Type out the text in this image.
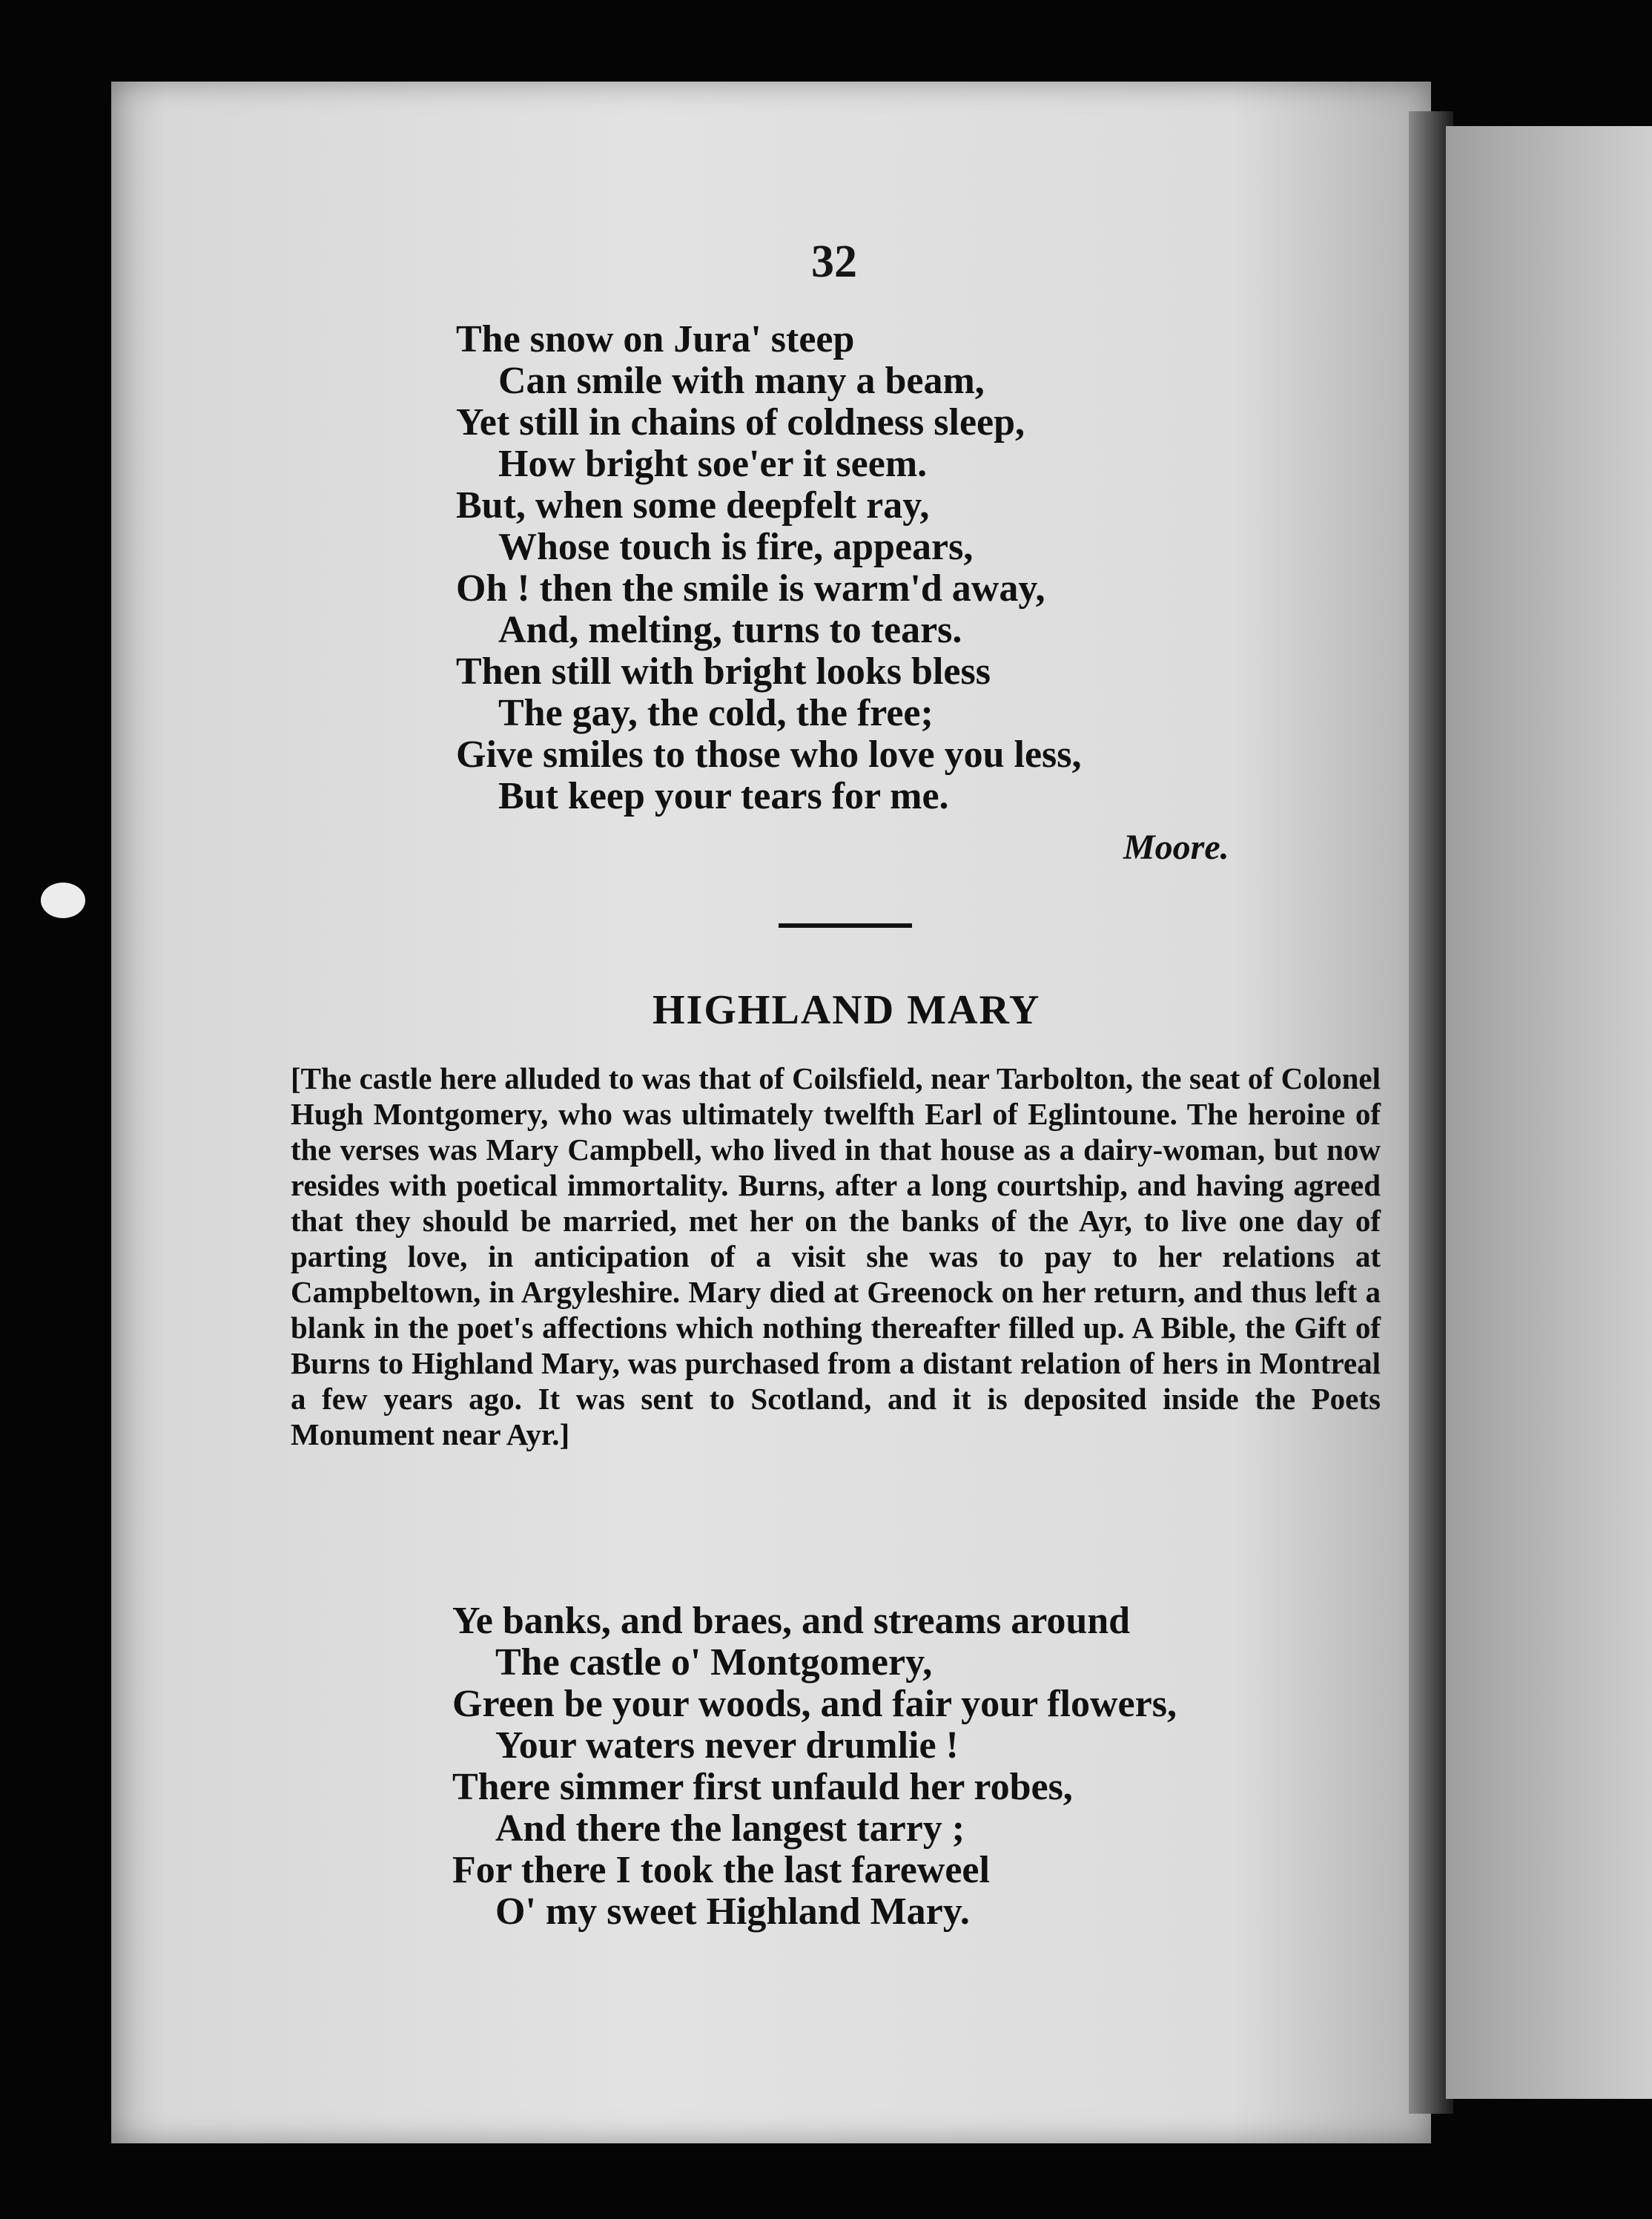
32
The snow on Jura' steep
Can smile with many a beam,
Yet still in chains of coldness sleep,
How bright soe'er it seem.
But, when some deepfelt ray,
Whose touch is fire, appears,
Oh ! then the smile is warm'd away,
And, melting, turns to tears.
Then still with bright looks bless
The gay, the cold, the free;
Give smiles to those who love you less,
But keep your tears for me.
Moore.
HIGHLAND MARY
[The castle here alluded to was that of Coilsfield, near Tarbolton, the seat of Colonel Hugh Montgomery, who was ultimately twelfth Earl of Eglintoune. The heroine of the verses was Mary Campbell, who lived in that house as a dairy-woman, but now resides with poetical immortality. Burns, after a long courtship, and having agreed that they should be married, met her on the banks of the Ayr, to live one day of parting love, in anticipation of a visit she was to pay to her relations at Campbeltown, in Argyleshire. Mary died at Greenock on her return, and thus left a blank in the poet's affections which nothing thereafter filled up. A Bible, the Gift of Burns to Highland Mary, was purchased from a distant relation of hers in Montreal a few years ago. It was sent to Scotland, and it is deposited inside the Poets Monument near Ayr.]
Ye banks, and braes, and streams around
The castle o' Montgomery,
Green be your woods, and fair your flowers,
Your waters never drumlie !
There simmer first unfauld her robes,
And there the langest tarry ;
For there I took the last fareweel
O' my sweet Highland Mary.
